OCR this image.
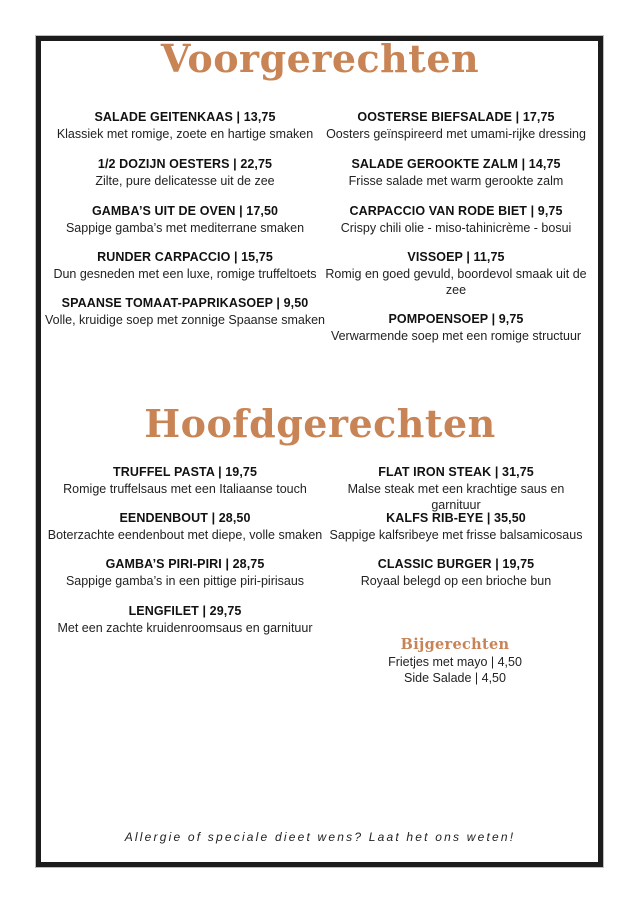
Voorgerechten
SALADE GEITENKAAS | 13,75
Klassiek met romige, zoete en hartige smaken
1/2 DOZIJN OESTERS | 22,75
Zilte, pure delicatesse uit de zee
GAMBA’S UIT DE OVEN | 17,50
Sappige gamba’s met mediterrane smaken
RUNDER CARPACCIO | 15,75
Dun gesneden met een luxe, romige truffeltoets
SPAANSE TOMAAT-PAPRIKASOEP | 9,50
Volle, kruidige soep met zonnige Spaanse smaken
OOSTERSE BIEFSALADE | 17,75
Oosters geïnspireerd met umami-rijke dressing
SALADE GEROOKTE ZALM | 14,75
Frisse salade met warm gerookte zalm
CARPACCIO VAN RODE BIET | 9,75
Crispy chili olie - miso-tahinicrème - bosui
VISSOEP | 11,75
Romig en goed gevuld, boordevol smaak uit de zee
POMPOENSOEP | 9,75
Verwarmende soep met een romige structuur
Hoofdgerechten
TRUFFEL PASTA | 19,75
Romige truffelsaus met een Italiaanse touch
EENDENBOUT | 28,50
Boterzachte eendenbout met diepe, volle smaken
GAMBA’S PIRI-PIRI | 28,75
Sappige gamba’s in een pittige piri-pirisaus
LENGFILET | 29,75
Met een zachte kruidenroomsaus en garnituur
FLAT IRON STEAK | 31,75
Malse steak met een krachtige saus en garnituur
KALFS RIB-EYE | 35,50
Sappige kalfsribeye met frisse balsamicosaus
CLASSIC BURGER | 19,75
Royaal belegd op een brioche bun
Bijgerechten
Frietjes met mayo | 4,50
Side Salade | 4,50
Allergie of speciale dieet wens? Laat het ons weten!
